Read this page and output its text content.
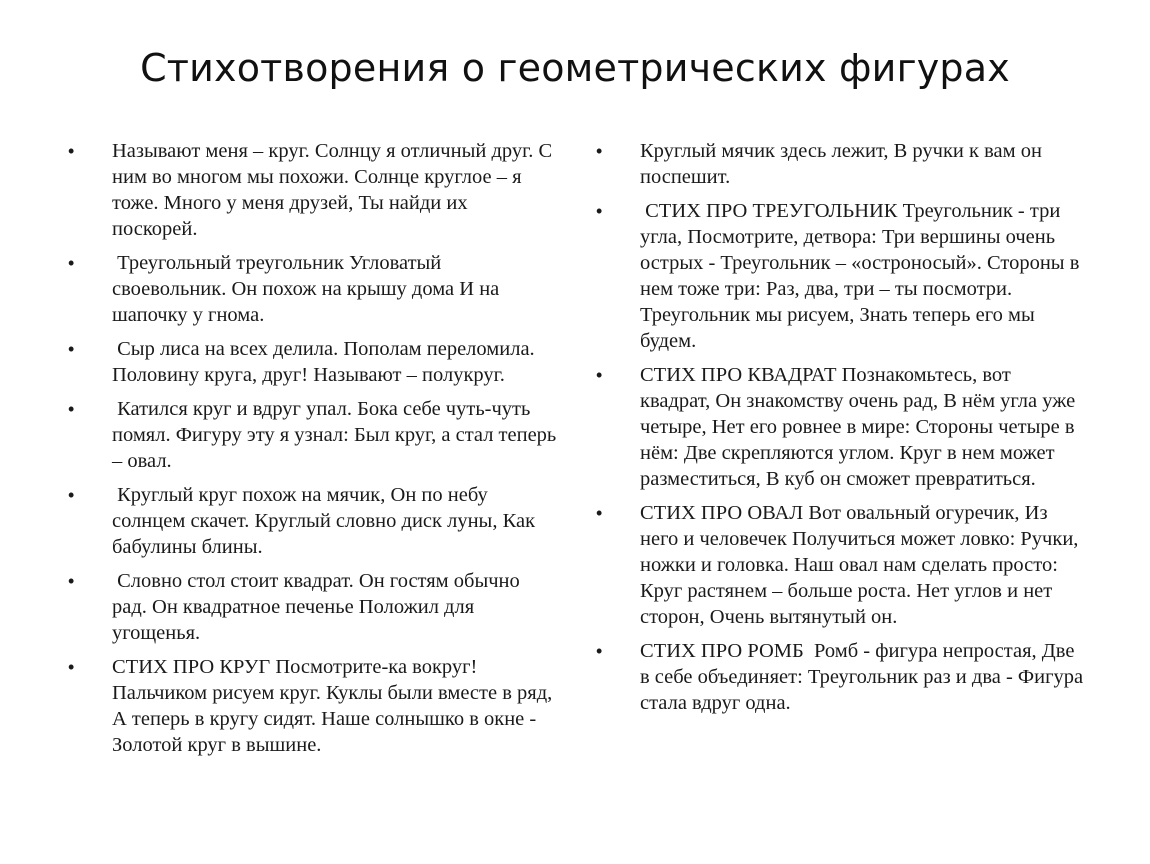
Стихотворения о геометрических фигурах
• Называют меня – круг. Солнцу я отличный друг. С ним во многом мы похожи. Солнце круглое – я тоже. Много у меня друзей, Ты найди их поскорей.
• Треугольный треугольник Угловатый своевольник. Он похож на крышу дома И на шапочку у гнома.
• Сыр лиса на всех делила. Пополам переломила. Половину круга, друг! Называют – полукруг.
• Катился круг и вдруг упал. Бока себе чуть-чуть помял. Фигуру эту я узнал: Был круг, а стал теперь – овал.
• Круглый круг похож на мячик, Он по небу солнцем скачет. Круглый словно диск луны, Как бабулины блины.
• Словно стол стоит квадрат. Он гостям обычно рад. Он квадратное печенье Положил для угощенья.
• СТИХ ПРО КРУГ Посмотрите-ка вокруг! Пальчиком рисуем круг. Куклы были вместе в ряд, А теперь в кругу сидят. Наше солнышко в окне - Золотой круг в вышине.
• Круглый мячик здесь лежит, В ручки к вам он поспешит.
• СТИХ ПРО ТРЕУГОЛЬНИК Треугольник - три угла, Посмотрите, детвора: Три вершины очень острых - Треугольник – «остроносый». Стороны в нем тоже три: Раз, два, три – ты посмотри. Треугольник мы рисуем, Знать теперь его мы будем.
• СТИХ ПРО КВАДРАТ Познакомьтесь, вот квадрат, Он знакомству очень рад, В нём угла уже четыре, Нет его ровнее в мире: Стороны четыре в нём: Две скрепляются углом. Круг в нем может разместиться, В куб он сможет превратиться.
• СТИХ ПРО ОВАЛ Вот овальный огуречик, Из него и человечек Получиться может ловко: Ручки, ножки и головка. Наш овал нам сделать просто: Круг растянем – больше роста. Нет углов и нет сторон, Очень вытянутый он.
• СТИХ ПРО РОМБ  Ромб - фигура непростая, Две в себе объединяет: Треугольник раз и два - Фигура стала вдруг одна.
